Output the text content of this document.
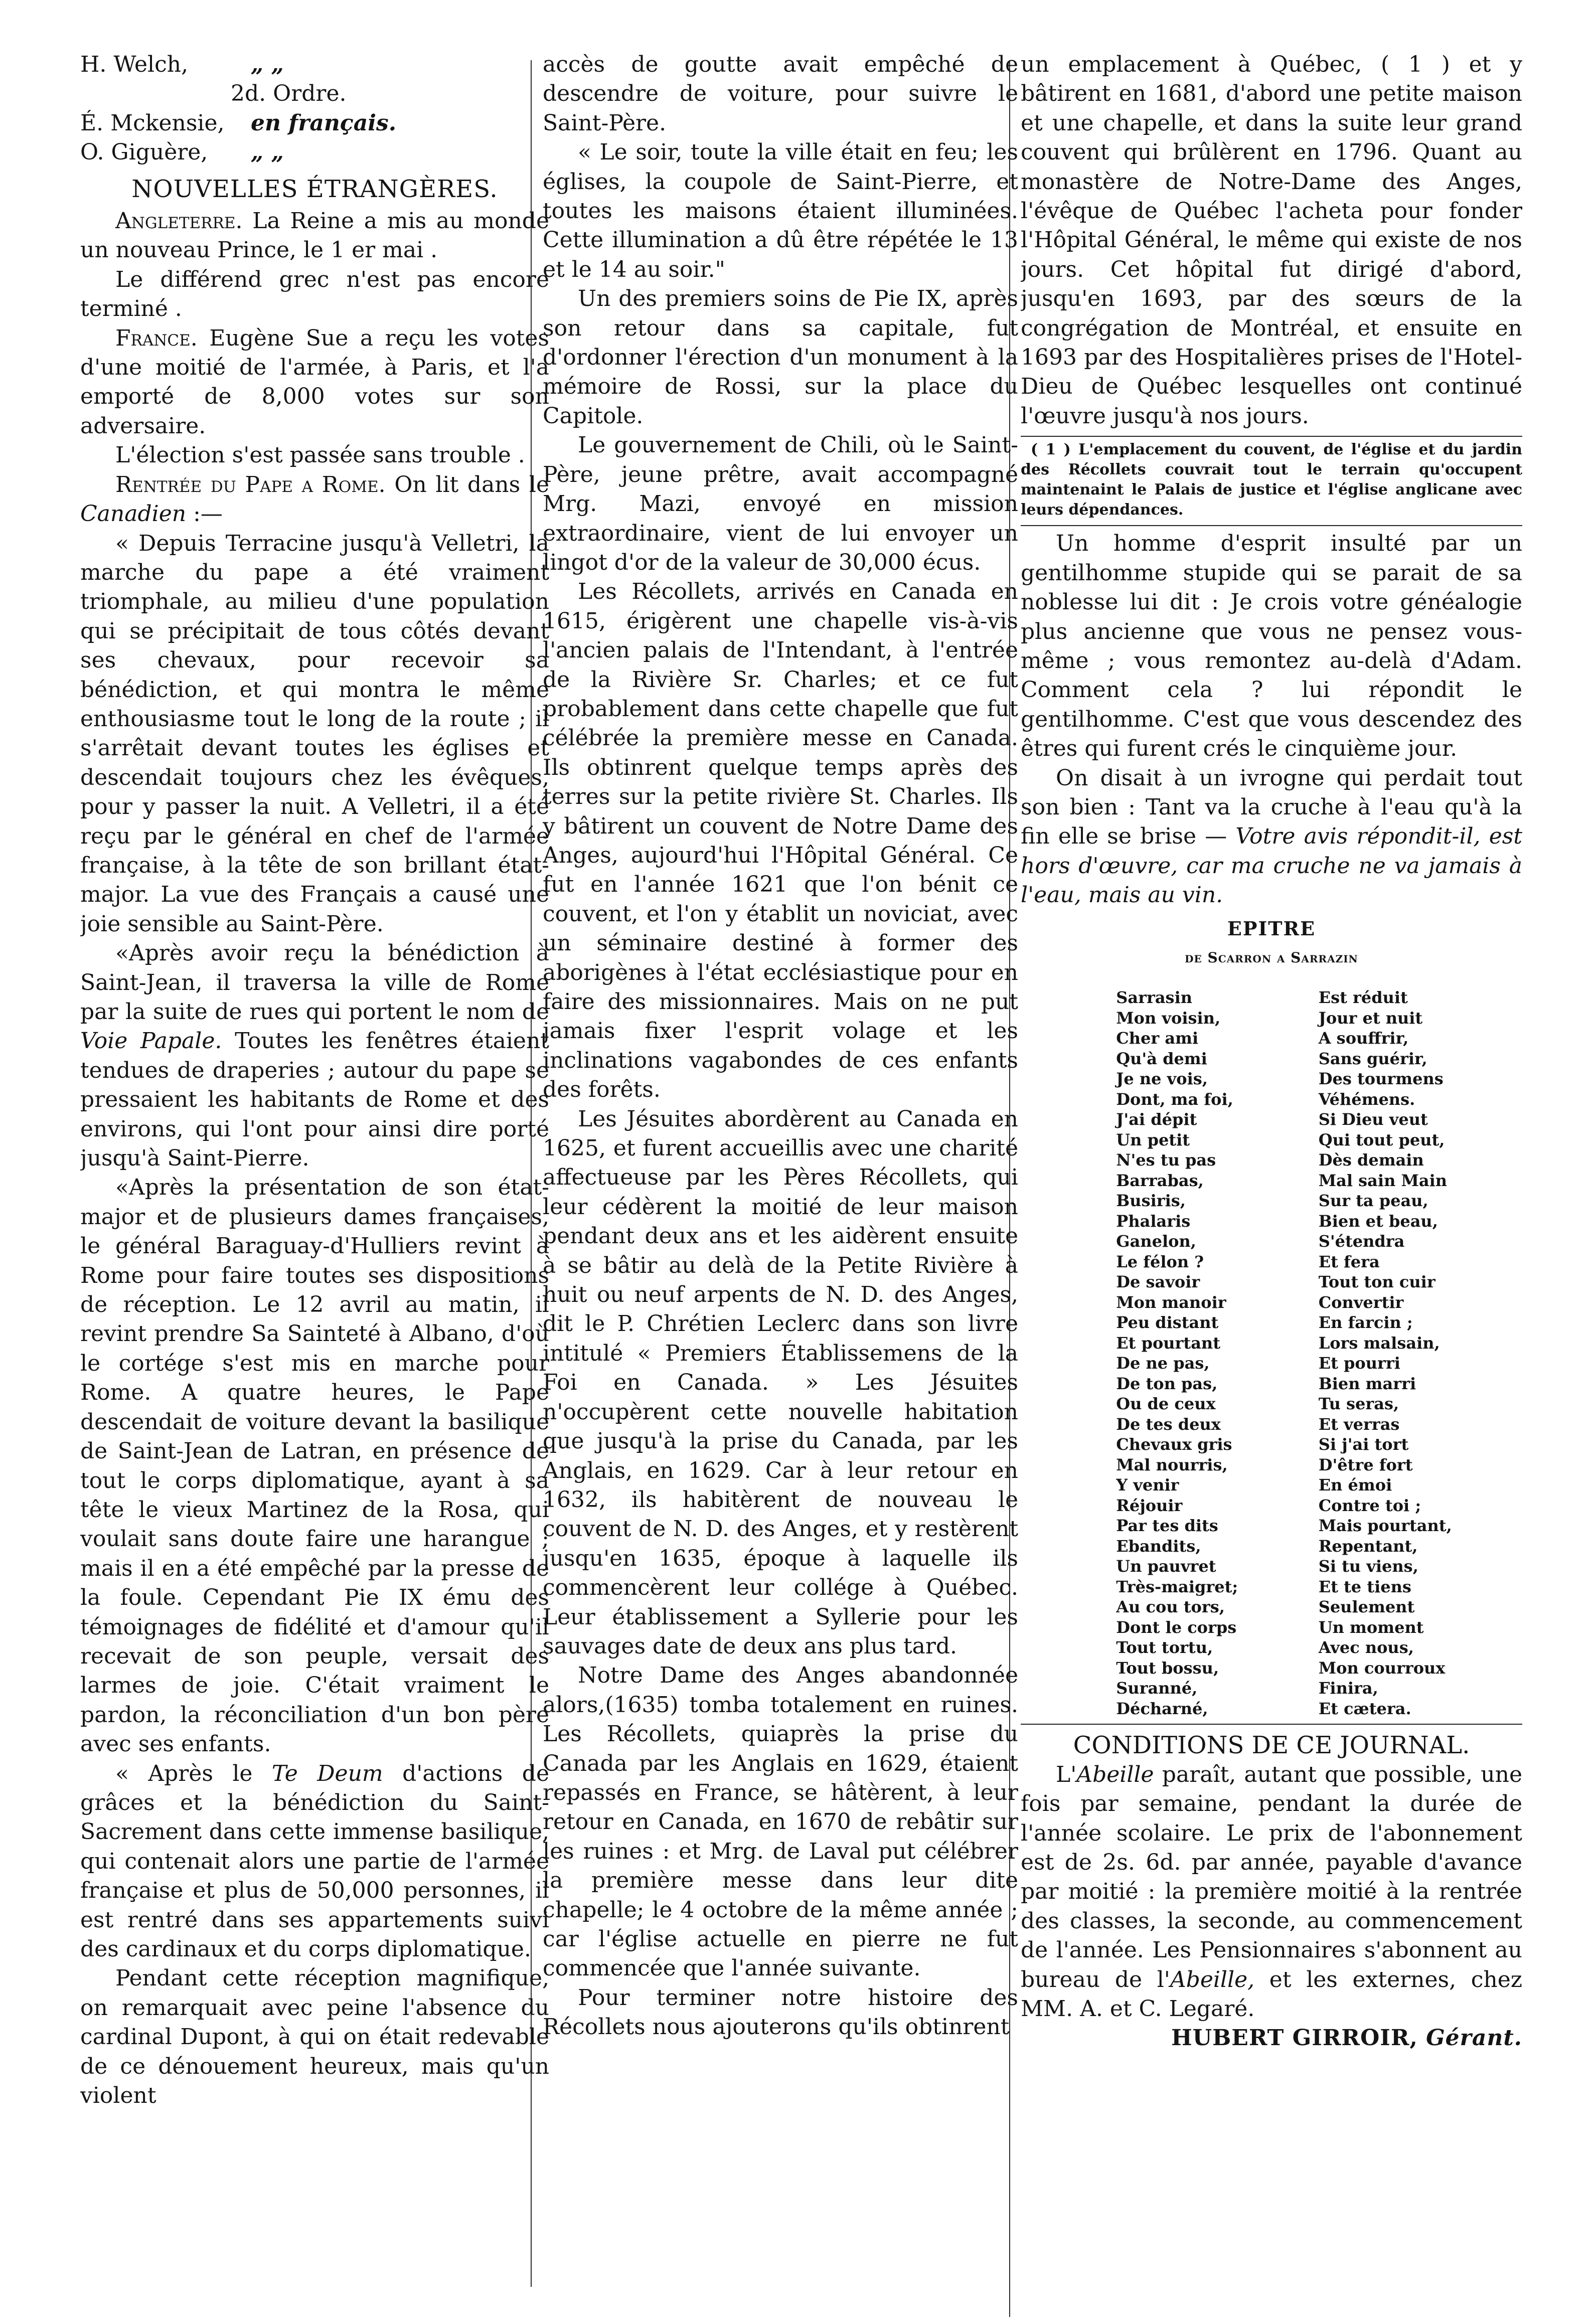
H. Welch,	„ „

2d. Ordre.

É. Mckensie,	en français.
O. Giguère,	„ „
NOUVELLES ÉTRANGÈRES.

Angleterre. La Reine a mis au monde un nouveau Prince, le 1 er mai .

Le différend grec n'est pas encore terminé .

France. Eugène Sue a reçu les votes d'une moitié de l'armée, à Paris, et l'a emporté de 8,000 votes sur son adversaire.

L'élection s'est passée sans trouble .

Rentrée du Pape a Rome. On lit dans le Canadien :—

« Depuis Terracine jusqu'à Velletri, la marche du pape a été vraiment triomphale, au milieu d'une population qui se précipitait de tous côtés devant ses chevaux, pour recevoir sa bénédiction, et qui montra le même enthousiasme tout le long de la route ; il s'arrêtait devant toutes les églises et descendait toujours chez les évêques, pour y passer la nuit. A Velletri, il a été reçu par le général en chef de l'armée française, à la tête de son brillant état-major. La vue des Français a causé une joie sensible au Saint-Père.

«Après avoir reçu la bénédiction à Saint-Jean, il traversa la ville de Rome par la suite de rues qui portent le nom de Voie Papale. Toutes les fenêtres étaient tendues de draperies ; autour du pape se pressaient les habitants de Rome et des environs, qui l'ont pour ainsi dire porté jusqu'à Saint-Pierre.

«Après la présentation de son état-major et de plusieurs dames françaises, le général Baraguay-d'Hulliers revint à Rome pour faire toutes ses dispositions de réception. Le 12 avril au matin, il revint prendre Sa Sainteté à Albano, d'où le cortége s'est mis en marche pour Rome. A quatre heures, le Pape descendait de voiture devant la basilique de Saint-Jean de Latran, en présence de tout le corps diplomatique, ayant à sa tête le vieux Martinez de la Rosa, qui voulait sans doute faire une harangue ; mais il en a été empêché par la presse de la foule. Cependant Pie IX ému des témoignages de fidélité et d'amour qu'il recevait de son peuple, versait des larmes de joie. C'était vraiment le pardon, la réconciliation d'un bon père avec ses enfants.

« Après le Te Deum d'actions de grâces et la bénédiction du Saint-Sacrement dans cette immense basilique, qui contenait alors une partie de l'armée française et plus de 50,000 personnes, il est rentré dans ses appartements suivi des cardinaux et du corps diplomatique.

Pendant cette réception magnifique, on remarquait avec peine l'absence du cardinal Dupont, à qui on était redevable de ce dénouement heureux, mais qu'un violent

accès de goutte avait empêché de descendre de voiture, pour suivre le Saint-Père.

« Le soir, toute la ville était en feu; les églises, la coupole de Saint-Pierre, et toutes les maisons étaient illuminées. Cette illumination a dû être répétée le 13 et le 14 au soir."

Un des premiers soins de Pie IX, après son retour dans sa capitale, fut d'ordonner l'érection d'un monument à la mémoire de Rossi, sur la place du Capitole.

Le gouvernement de Chili, où le Saint-Père, jeune prêtre, avait accompagné Mrg. Mazi, envoyé en mission extraordinaire, vient de lui envoyer un lingot d'or de la valeur de 30,000 écus.

Les Récollets, arrivés en Canada en 1615, érigèrent une chapelle vis-à-vis l'ancien palais de l'Intendant, à l'entrée de la Rivière Sr. Charles; et ce fut probablement dans cette chapelle que fut célébrée la première messe en Canada. Ils obtinrent quelque temps après des terres sur la petite rivière St. Charles. Ils y bâtirent un couvent de Notre Dame des Anges, aujourd'hui l'Hôpital Général. Ce fut en l'année 1621 que l'on bénit ce couvent, et l'on y établit un noviciat, avec un séminaire destiné à former des aborigènes à l'état ecclésiastique pour en faire des missionnaires. Mais on ne put jamais fixer l'esprit volage et les inclinations vagabondes de ces enfants des forêts.

Les Jésuites abordèrent au Canada en 1625, et furent accueillis avec une charité affectueuse par les Pères Récollets, qui leur cédèrent la moitié de leur maison pendant deux ans et les aidèrent ensuite à se bâtir au delà de la Petite Rivière à huit ou neuf arpents de N. D. des Anges, dit le P. Chrétien Leclerc dans son livre intitulé « Premiers Établissemens de la Foi en Canada. » Les Jésuites n'occupèrent cette nouvelle habitation que jusqu'à la prise du Canada, par les Anglais, en 1629. Car à leur retour en 1632, ils habitèrent de nouveau le couvent de N. D. des Anges, et y restèrent jusqu'en 1635, époque à laquelle ils commencèrent leur collége à Québec. Leur établissement a Syllerie pour les sauvages date de deux ans plus tard.

Notre Dame des Anges abandonnée alors,(1635) tomba totalement en ruines. Les Récollets, quiaprès la prise du Canada par les Anglais en 1629, étaient repassés en France, se hâtèrent, à leur retour en Canada, en 1670 de rebâtir sur les ruines : et Mrg. de Laval put célébrer la première messe dans leur dite chapelle; le 4 octobre de la même année ; car l'église actuelle en pierre ne fut commencée que l'année suivante.

Pour terminer notre histoire des Récollets nous ajouterons qu'ils obtinrent

un emplacement à Québec, ( 1 ) et y bâtirent en 1681, d'abord une petite maison et une chapelle, et dans la suite leur grand couvent qui brûlèrent en 1796. Quant au monastère de Notre-Dame des Anges, l'évêque de Québec l'acheta pour fonder l'Hôpital Général, le même qui existe de nos jours. Cet hôpital fut dirigé d'abord, jusqu'en 1693, par des sœurs de la congrégation de Montréal, et ensuite en 1693 par des Hospitalières prises de l'Hotel-Dieu de Québec lesquelles ont continué l'œuvre jusqu'à nos jours.

( 1 ) L'emplacement du couvent, de l'église et du jardin des Récollets couvrait tout le terrain qu'occupent maintenaint le Palais de justice et l'église anglicane avec leurs dépendances.

Un homme d'esprit insulté par un gentilhomme stupide qui se parait de sa noblesse lui dit : Je crois votre généalogie plus ancienne que vous ne pensez vous-même ; vous remontez au-delà d'Adam. Comment cela ? lui répondit le gentilhomme. C'est que vous descendez des êtres qui furent crés le cinquième jour.

On disait à un ivrogne qui perdait tout son bien : Tant va la cruche à l'eau qu'à la fin elle se brise — Votre avis répondit-il, est hors d'œuvre, car ma cruche ne va jamais à l'eau, mais au vin.

EPITRE
de Scarron a Sarrazin
Sarrasin
Mon voisin,
Cher ami
Qu'à demi
Je ne vois,
Dont, ma foi,
J'ai dépit
Un petit
N'es tu pas
Barrabas,
Busiris,
Phalaris
Ganelon,
Le félon ?
De savoir
Mon manoir
Peu distant
Et pourtant
De ne pas,
De ton pas,
Ou de ceux
De tes deux
Chevaux gris
Mal nourris,
Y venir
Réjouir
Par tes dits
Ebandits,
Un pauvret
Très-maigret;
Au cou tors,
Dont le corps
Tout tortu,
Tout bossu,
Suranné,
Décharné,
Est réduit
Jour et nuit
A souffrir,
Sans guérir,
Des tourmens
Véhémens.
Si Dieu veut
Qui tout peut,
Dès demain
Mal sain Main
Sur ta peau,
Bien et beau,
S'étendra
Et fera
Tout ton cuir
Convertir
En farcin ;
Lors malsain,
Et pourri
Bien marri
Tu seras,
Et verras
Si j'ai tort
D'être fort
En émoi
Contre toi ;
Mais pourtant,
Repentant,
Si tu viens,
Et te tiens
Seulement
Un moment
Avec nous,
Mon courroux
Finira,
Et cætera.
CONDITIONS DE CE JOURNAL.

L'Abeille paraît, autant que possible, une fois par semaine, pendant la durée de l'année scolaire. Le prix de l'abonnement est de 2s. 6d. par année, payable d'avance par moitié : la première moitié à la rentrée des classes, la seconde, au commencement de l'année. Les Pensionnaires s'abonnent au bureau de l'Abeille, et les externes, chez MM. A. et C. Legaré.

HUBERT GIRROIR, Gérant.
